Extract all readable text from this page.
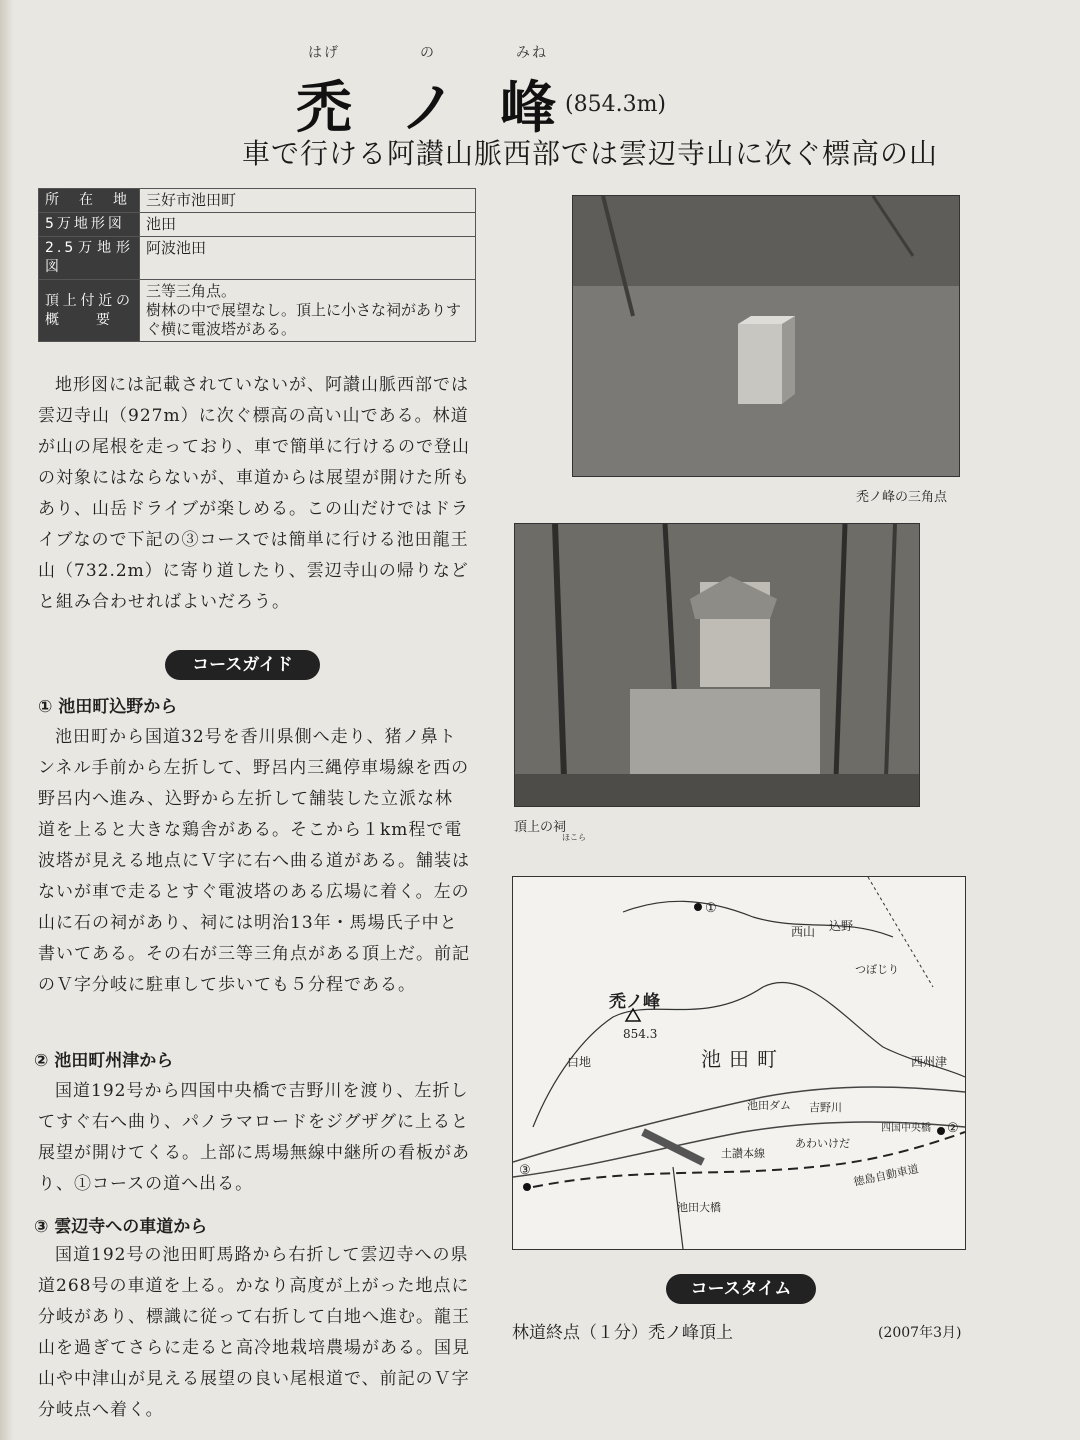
はげ	の	みね
禿 ノ 峰 (854.3m)
車で行ける阿讃山脈西部では雲辺寺山に次ぐ標高の山
所　在　地	三好市池田町
5万地形図	池田
2.5万地形図	阿波池田
頂上付近の概　　要	三等三角点。
樹林の中で展望なし。頂上に小さな祠がありすぐ横に電波塔がある。
地形図には記載されていないが、阿讃山脈西部では雲辺寺山（927m）に次ぐ標高の高い山である。林道が山の尾根を走っており、車で簡単に行けるので登山の対象にはならないが、車道からは展望が開けた所もあり、山岳ドライブが楽しめる。この山だけではドライブなので下記の③コースでは簡単に行ける池田龍王山（732.2m）に寄り道したり、雲辺寺山の帰りなどと組み合わせればよいだろう。
コースガイド
① 池田町込野から
池田町から国道32号を香川県側へ走り、猪ノ鼻トンネル手前から左折して、野呂内三縄停車場線を西の野呂内へ進み、込野から左折して舗装した立派な林道を上ると大きな鶏舎がある。そこから１km程で電波塔が見える地点にＶ字に右へ曲る道がある。舗装はないが車で走るとすぐ電波塔のある広場に着く。左の山に石の祠があり、祠には明治13年・馬場氏子中と書いてある。その右が三等三角点がある頂上だ。前記のＶ字分岐に駐車して歩いても５分程である。
② 池田町州津から
国道192号から四国中央橋で吉野川を渡り、左折してすぐ右へ曲り、パノラマロードをジグザグに上ると展望が開けてくる。上部に馬場無線中継所の看板があり、①コースの道へ出る。
③ 雲辺寺への車道から
国道192号の池田町馬路から右折して雲辺寺への県道268号の車道を上る。かなり高度が上がった地点に分岐があり、標識に従って右折して白地へ進む。龍王山を過ぎてさらに走ると高冷地栽培農場がある。国見山や中津山が見える展望の良い尾根道で、前記のＶ字分岐点へ着く。
禿ノ峰の三角点
頂上の祠
ほこら
①
②
③
禿ノ峰
854.3
池田町
西山 込野
つぼじり
西州津
白地
池田ダム 吉野川
四国中央橋
あわいけだ
土讃本線
徳島自動車道
池田大橋
コースタイム
林道終点（１分）禿ノ峰頂上	(2007年3月)
